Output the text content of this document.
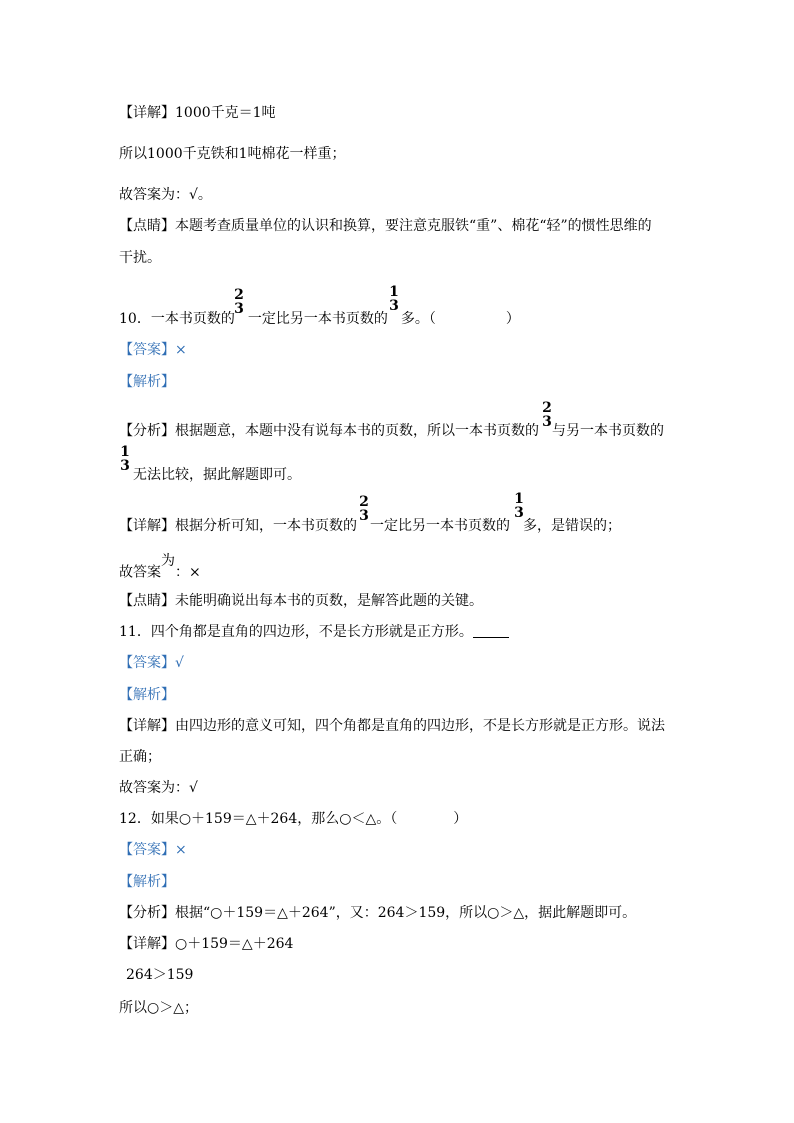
【详解】1000千克＝1吨
所以1000千克铁和1吨棉花一样重；
故答案为：√。
【点睛】本题考查质量单位的认识和换算，要注意克服铁“重”、棉花“轻”的惯性思维的
干扰。
10．一本书页数的 一定比另一本书页数的 多。（　　　　　）
2
3
1
3
【答案】×
【解析】
【分析】根据题意，本题中没有说每本书的页数，所以一本书页数的 与另一本书页数的
2
3
1
3
无法比较，据此解题即可。
【详解】根据分析可知，一本书页数的 一定比另一本书页数的 多，是错误的；
2
3
1
3
故答案$^为$：×
【点睛】未能明确说出每本书的页数，是解答此题的关键。
11．四个角都是直角的四边形，不是长方形就是正方形。
【答案】√
【解析】
【详解】由四边形的意义可知，四个角都是直角的四边形，不是长方形就是正方形。说法
正确；
故答案为：√
12．如果○＋159＝△＋264，那么○＜△。（　　　　）
【答案】×
【解析】
【分析】根据“○＋159＝△＋264”，又：264＞159，所以○＞△，据此解题即可。
【详解】○＋159＝△＋264
264＞159
所以○＞△；
